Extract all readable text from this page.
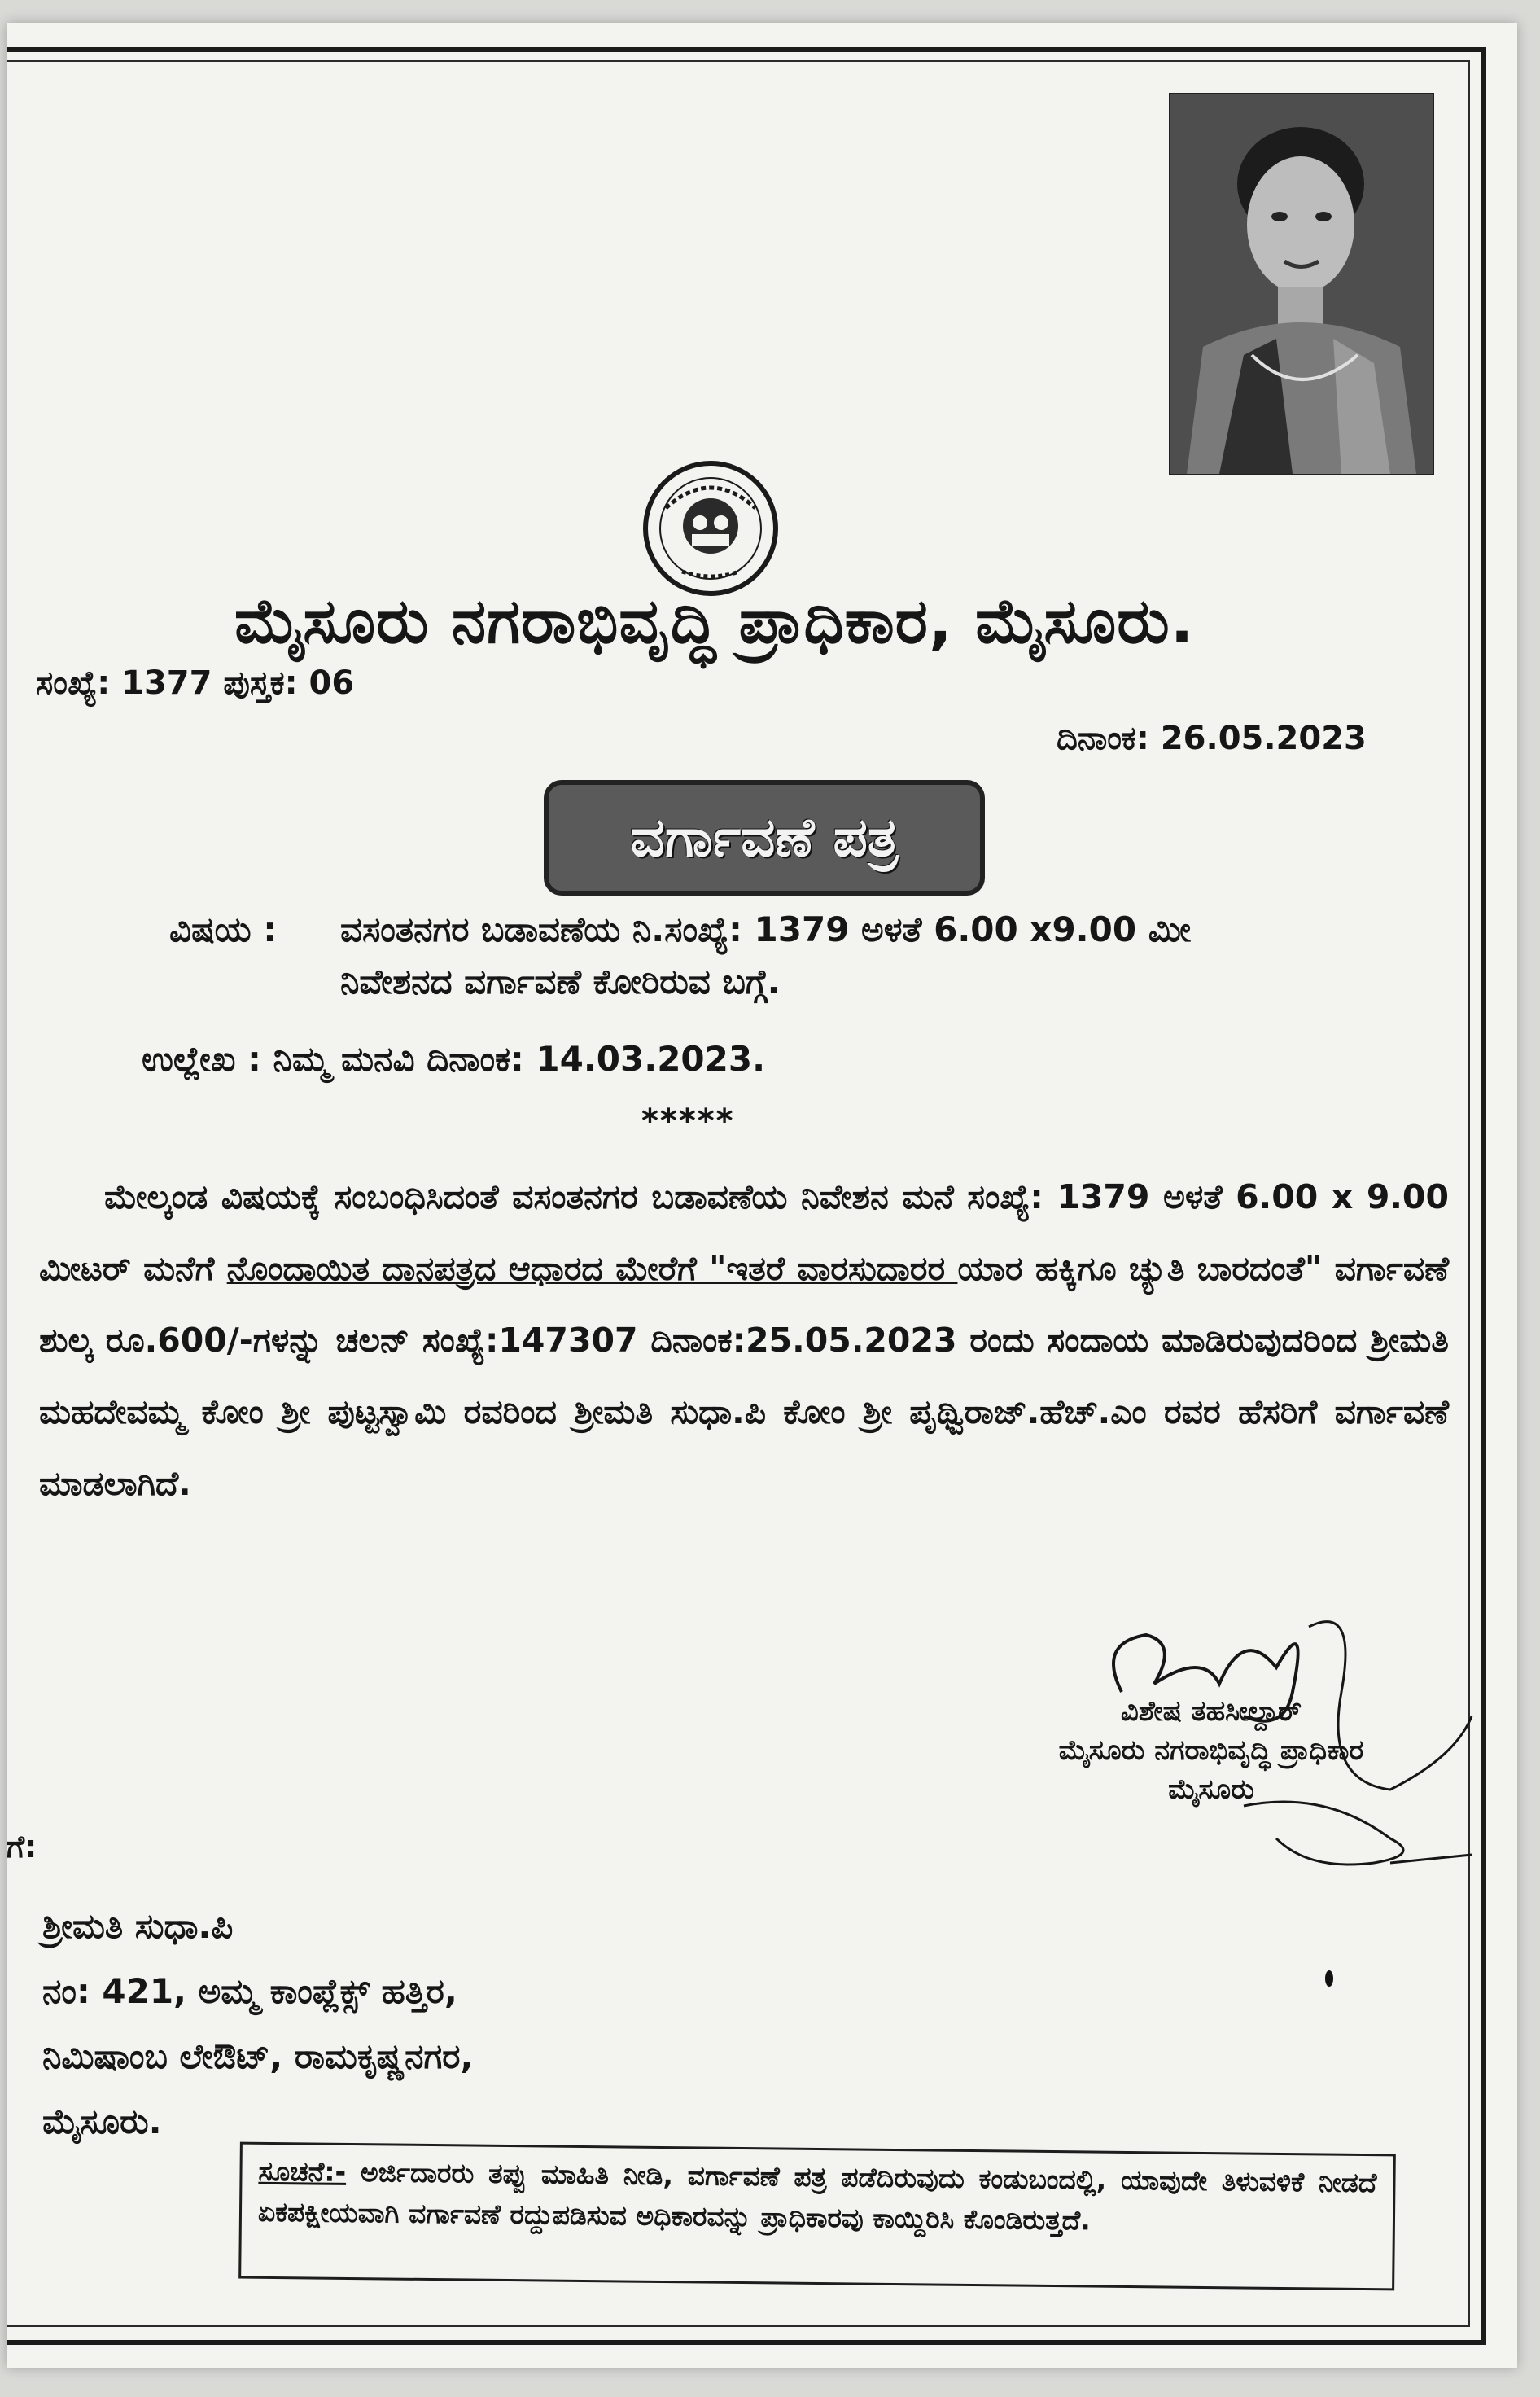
ಮೈಸೂರು ನಗರಾಭಿವೃದ್ಧಿ ಪ್ರಾಧಿಕಾರ, ಮೈಸೂರು.
ಸಂಖ್ಯೆ: 1377 ಪುಸ್ತಕ: 06
ದಿನಾಂಕ: 26.05.2023
ವರ್ಗಾವಣೆ ಪತ್ರ
ವಿಷಯ : ವಸಂತನಗರ ಬಡಾವಣೆಯ ನಿ.ಸಂಖ್ಯೆ: 1379 ಅಳತೆ 6.00 x9.00 ಮೀ
ನಿವೇಶನದ ವರ್ಗಾವಣೆ ಕೋರಿರುವ ಬಗ್ಗೆ.
ಉಲ್ಲೇಖ : ನಿಮ್ಮ ಮನವಿ ದಿನಾಂಕ: 14.03.2023.
*****
ಮೇಲ್ಕಂಡ ವಿಷಯಕ್ಕೆ ಸಂಬಂಧಿಸಿದಂತೆ ವಸಂತನಗರ ಬಡಾವಣೆಯ ನಿವೇಶನ ಮನೆ ಸಂಖ್ಯೆ: 1379 ಅಳತೆ 6.00 x 9.00 ಮೀಟರ್ ಮನೆಗೆ ನೊಂದಾಯಿತ ದಾನಪತ್ರದ ಆಧಾರದ ಮೇರೆಗೆ "ಇತರೆ ವಾರಸುದಾರರ ಯಾರ ಹಕ್ಕಿಗೂ ಚ್ಯುತಿ ಬಾರದಂತೆ" ವರ್ಗಾವಣೆ ಶುಲ್ಕ ರೂ.600/-ಗಳನ್ನು ಚಲನ್ ಸಂಖ್ಯೆ:147307 ದಿನಾಂಕ:25.05.2023 ರಂದು ಸಂದಾಯ ಮಾಡಿರುವುದರಿಂದ ಶ್ರೀಮತಿ ಮಹದೇವಮ್ಮ ಕೋಂ ಶ್ರೀ ಪುಟ್ಟಸ್ವಾಮಿ ರವರಿಂದ ಶ್ರೀಮತಿ ಸುಧಾ.ಪಿ ಕೋಂ ಶ್ರೀ ಪೃಥ್ವಿರಾಜ್.ಹೆಚ್.ಎಂ ರವರ ಹೆಸರಿಗೆ ವರ್ಗಾವಣೆ ಮಾಡಲಾಗಿದೆ.
ವಿಶೇಷ ತಹಸೀಲ್ದಾರ್
ಮೈಸೂರು ನಗರಾಭಿವೃದ್ಧಿ ಪ್ರಾಧಿಕಾರ
ಮೈಸೂರು
ಗೆ:
ಶ್ರೀಮತಿ ಸುಧಾ.ಪಿ
ನಂ: 421, ಅಮ್ಮ ಕಾಂಪ್ಲೆಕ್ಸ್ ಹತ್ತಿರ,
ನಿಮಿಷಾಂಬ ಲೇಔಟ್, ರಾಮಕೃಷ್ಣನಗರ,
ಮೈಸೂರು.
ಸೂಚನೆ:- ಅರ್ಜಿದಾರರು ತಪ್ಪು ಮಾಹಿತಿ ನೀಡಿ, ವರ್ಗಾವಣೆ ಪತ್ರ ಪಡೆದಿರುವುದು ಕಂಡುಬಂದಲ್ಲಿ, ಯಾವುದೇ ತಿಳುವಳಿಕೆ ನೀಡದೆ ಏಕಪಕ್ಷೀಯವಾಗಿ ವರ್ಗಾವಣೆ ರದ್ದುಪಡಿಸುವ ಅಧಿಕಾರವನ್ನು ಪ್ರಾಧಿಕಾರವು ಕಾಯ್ದಿರಿಸಿ ಕೊಂಡಿರುತ್ತದೆ.
